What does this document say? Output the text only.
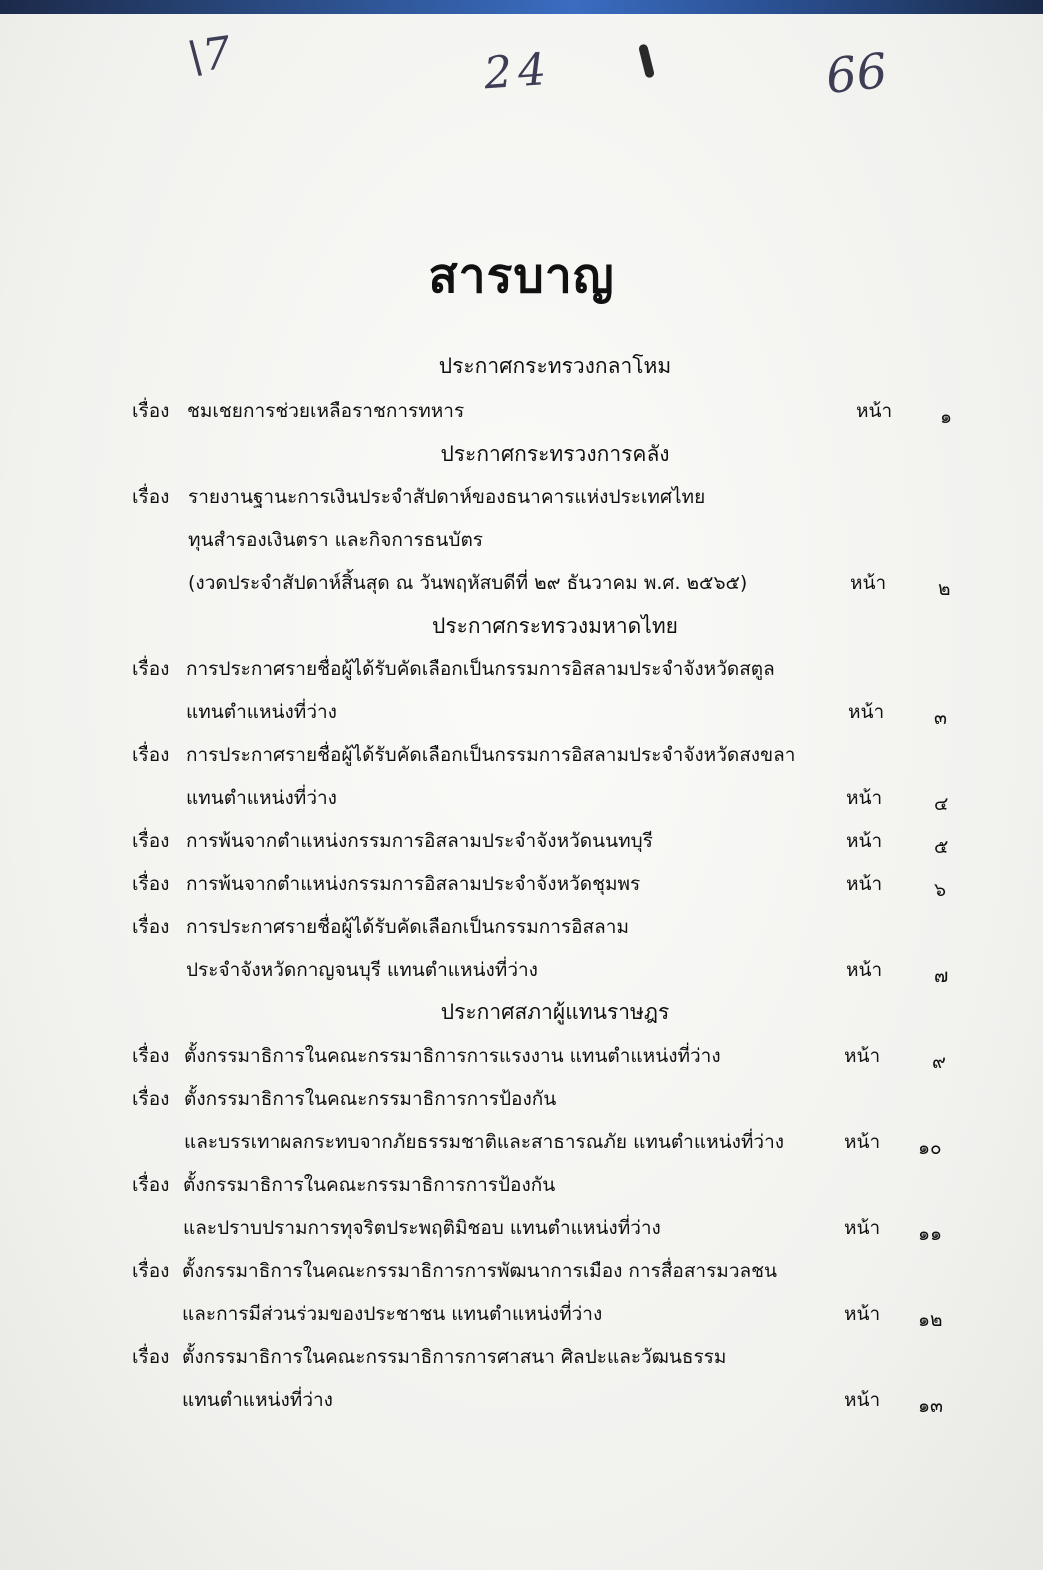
\7	24	66
สารบาญ
ประกาศกระทรวงกลาโหม
เรื่อง ชมเชยการช่วยเหลือราชการทหาร	หน้า	๑
ประกาศกระทรวงการคลัง
เรื่อง รายงานฐานะการเงินประจำสัปดาห์ของธนาคารแห่งประเทศไทย
ทุนสำรองเงินตรา และกิจการธนบัตร
(งวดประจำสัปดาห์สิ้นสุด ณ วันพฤหัสบดีที่ ๒๙ ธันวาคม พ.ศ. ๒๕๖๕)	หน้า	๒
ประกาศกระทรวงมหาดไทย
เรื่อง การประกาศรายชื่อผู้ได้รับคัดเลือกเป็นกรรมการอิสลามประจำจังหวัดสตูล
แทนตำแหน่งที่ว่าง	หน้า	๓
เรื่อง การประกาศรายชื่อผู้ได้รับคัดเลือกเป็นกรรมการอิสลามประจำจังหวัดสงขลา
แทนตำแหน่งที่ว่าง	หน้า	๔
เรื่อง การพ้นจากตำแหน่งกรรมการอิสลามประจำจังหวัดนนทบุรี	หน้า	๕
เรื่อง การพ้นจากตำแหน่งกรรมการอิสลามประจำจังหวัดชุมพร	หน้า	๖
เรื่อง การประกาศรายชื่อผู้ได้รับคัดเลือกเป็นกรรมการอิสลาม
ประจำจังหวัดกาญจนบุรี แทนตำแหน่งที่ว่าง	หน้า	๗
ประกาศสภาผู้แทนราษฎร
เรื่อง ตั้งกรรมาธิการในคณะกรรมาธิการการแรงงาน แทนตำแหน่งที่ว่าง	หน้า	๙
เรื่อง ตั้งกรรมาธิการในคณะกรรมาธิการการป้องกัน
และบรรเทาผลกระทบจากภัยธรรมชาติและสาธารณภัย แทนตำแหน่งที่ว่าง	หน้า ๑๐
เรื่อง ตั้งกรรมาธิการในคณะกรรมาธิการการป้องกัน
และปราบปรามการทุจริตประพฤติมิชอบ แทนตำแหน่งที่ว่าง	หน้า ๑๑
เรื่อง ตั้งกรรมาธิการในคณะกรรมาธิการการพัฒนาการเมือง การสื่อสารมวลชน
และการมีส่วนร่วมของประชาชน แทนตำแหน่งที่ว่าง	หน้า ๑๒
เรื่อง ตั้งกรรมาธิการในคณะกรรมาธิการการศาสนา ศิลปะและวัฒนธรรม
แทนตำแหน่งที่ว่าง	หน้า ๑๓
